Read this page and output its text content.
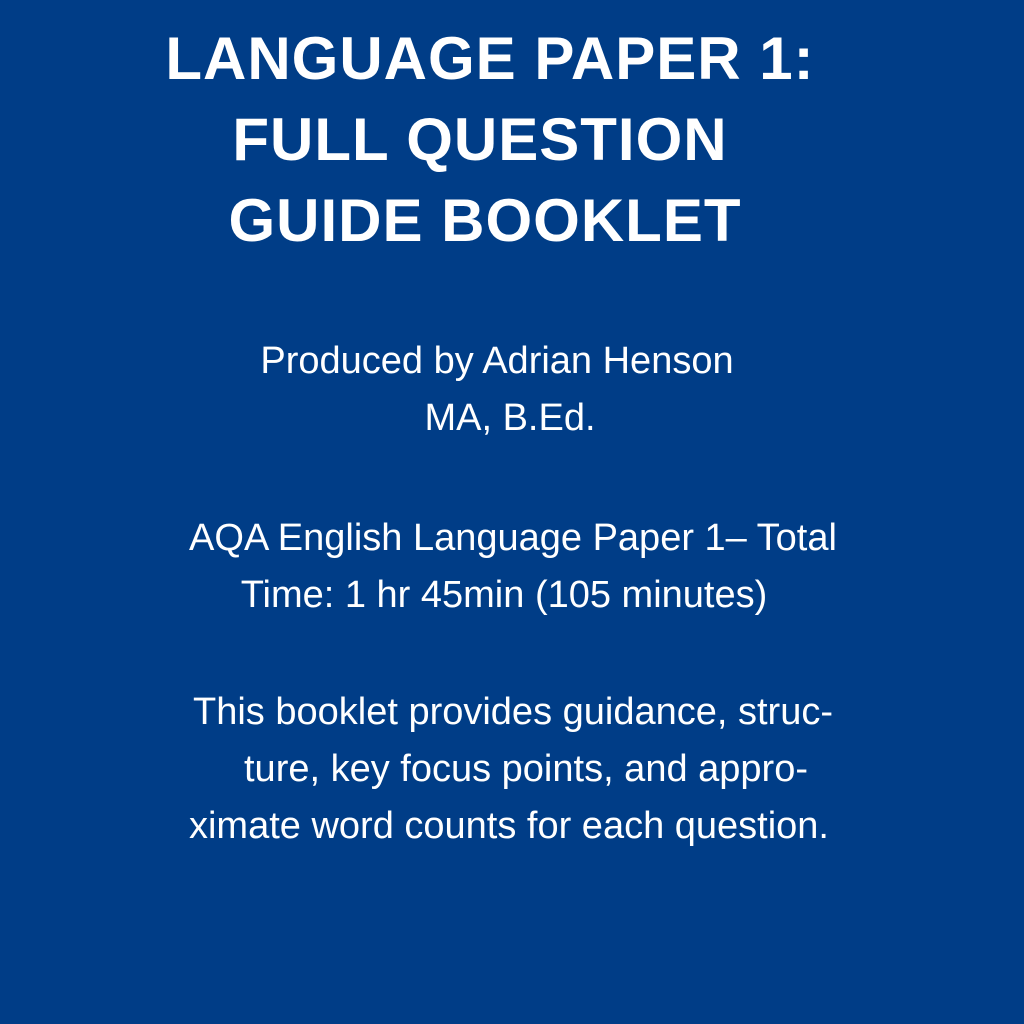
LANGUAGE PAPER 1:
FULL QUESTION
GUIDE BOOKLET

Produced by Adrian Henson
MA, B.Ed.

AQA English Language Paper 1– Total
Time: 1 hr 45min (105 minutes)

This booklet provides guidance, struc-
ture, key focus points, and appro-
ximate word counts for each question.
